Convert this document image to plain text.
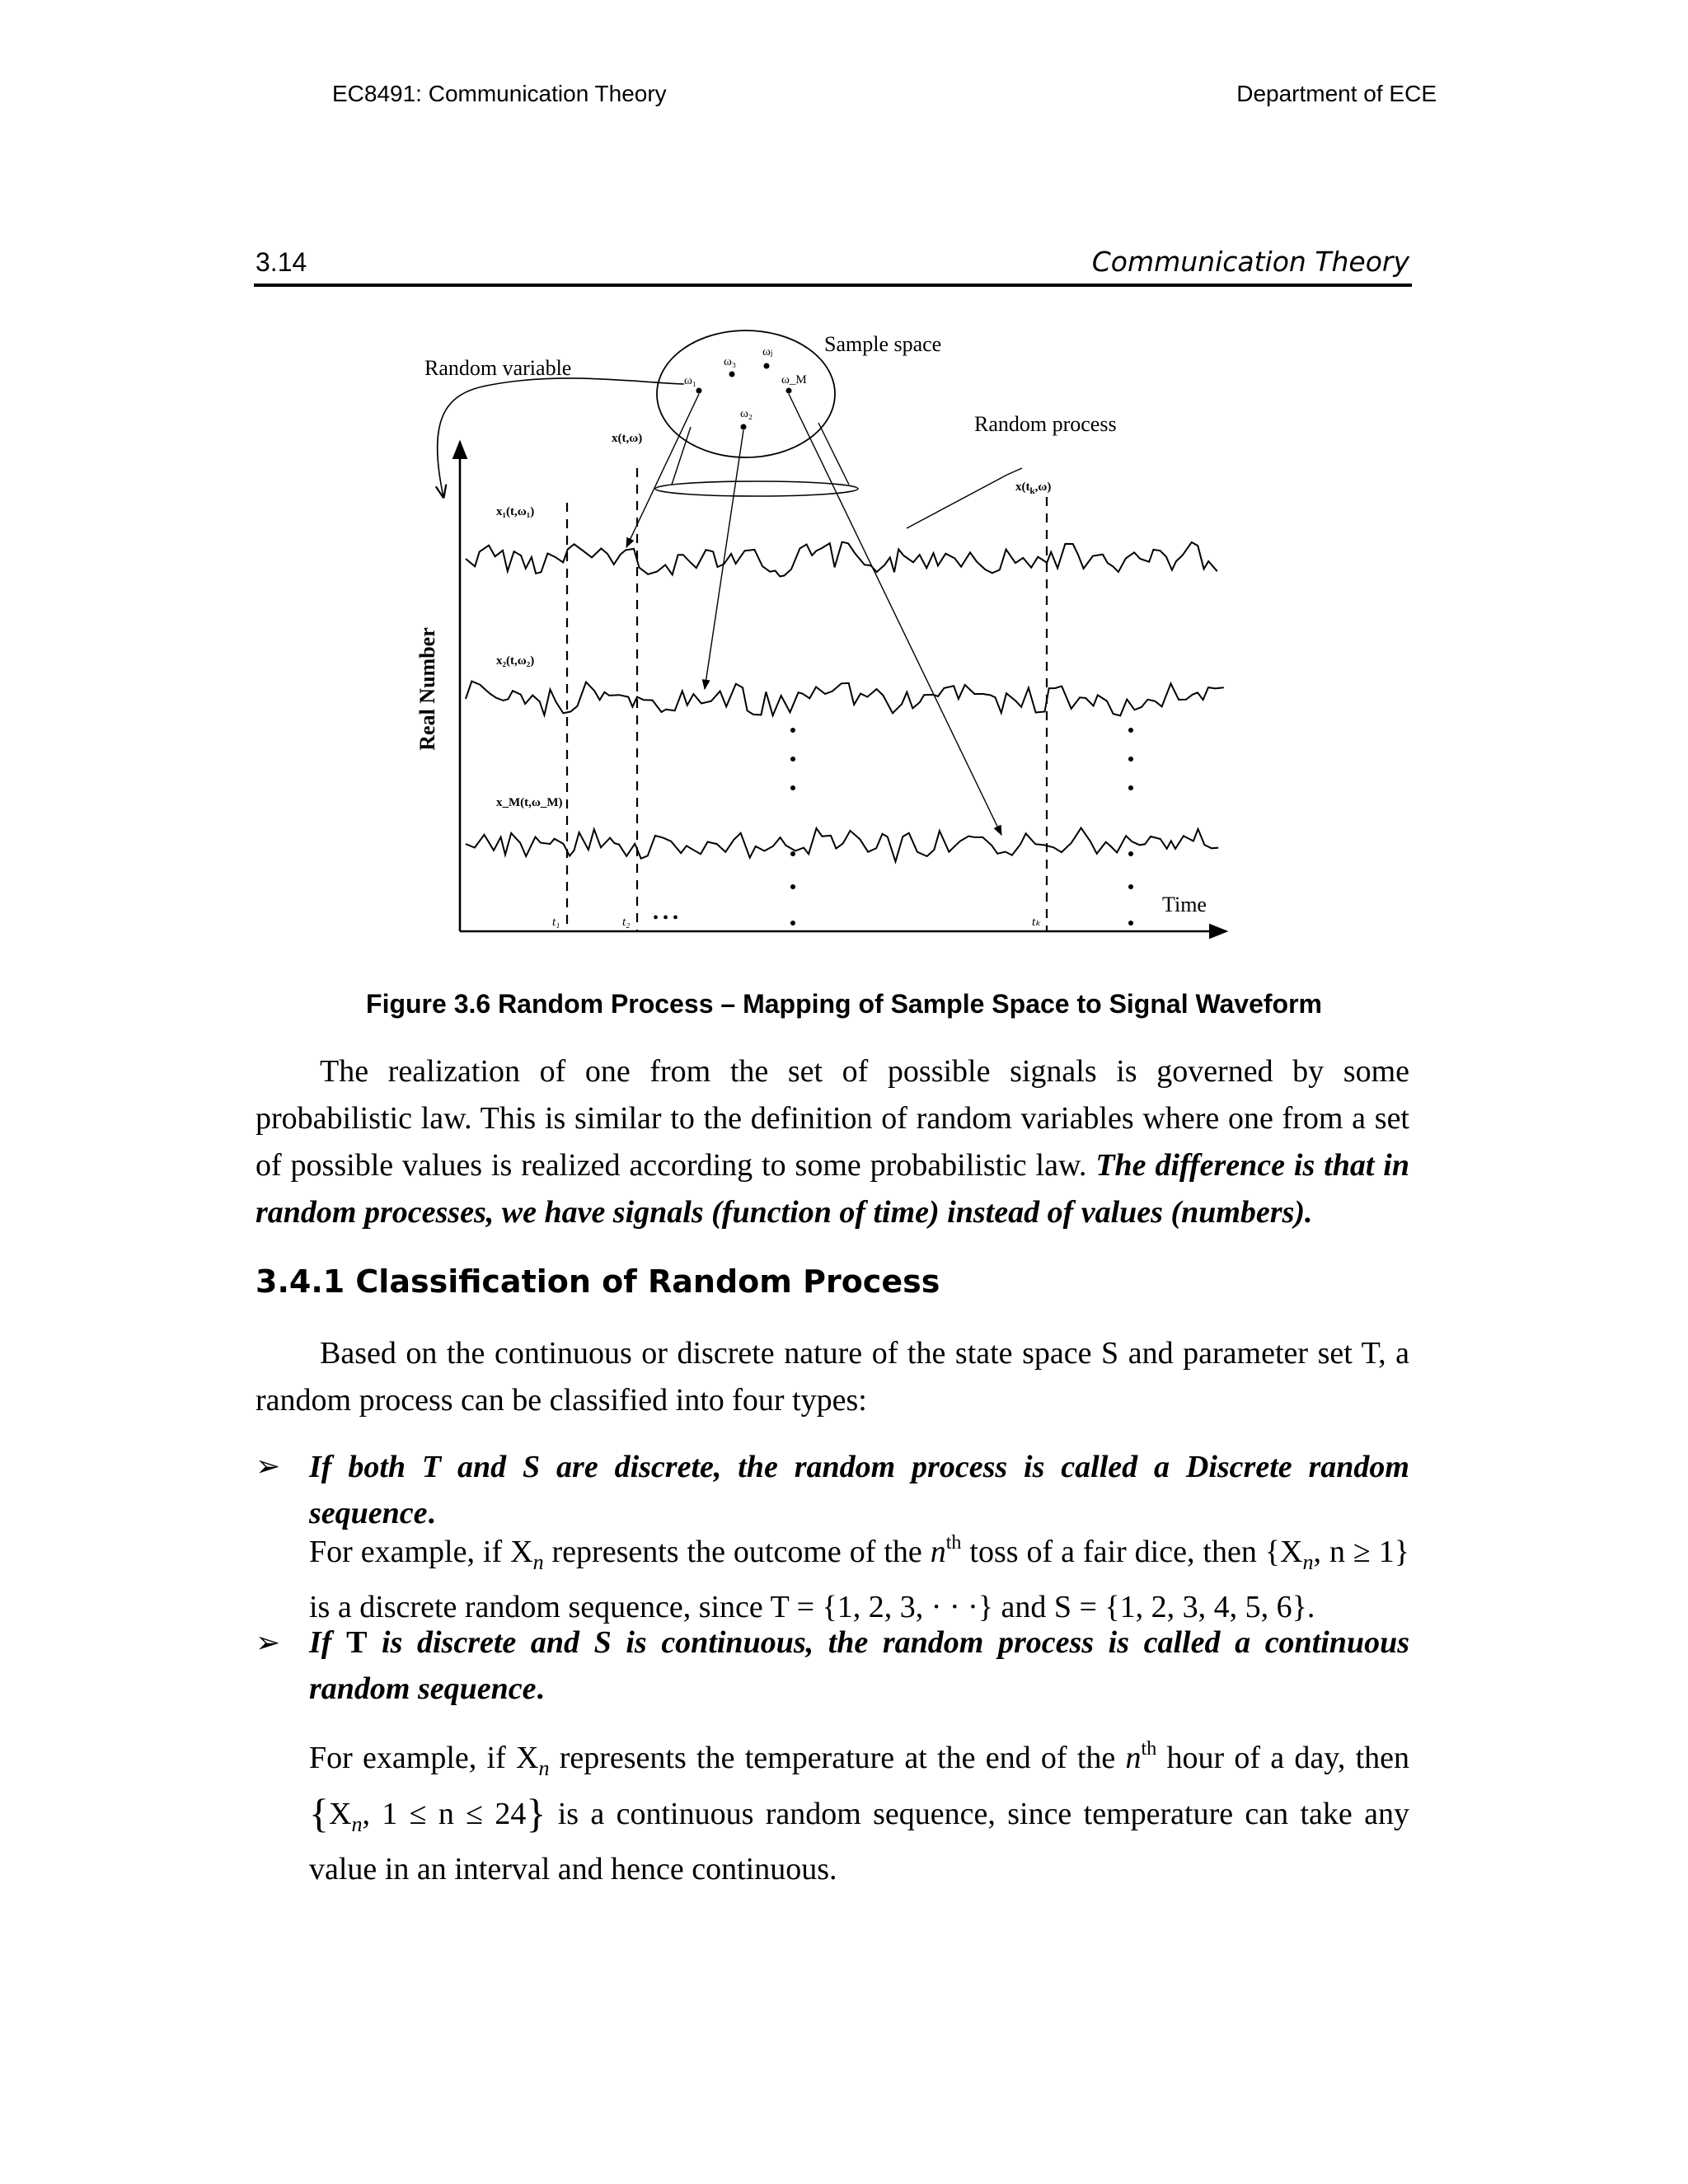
EC8491: Communication Theory	Department of ECE
3.14	Communication Theory
ω₁
ω₃
ωⱼ
ω_M
ω₂
Sample space
Random variable
Random process
x(t,ω)
$x(t_k,\omega)$
Real Number
Time
• • •
x₁(t,ω₁)
x₂(t,ω₂)
x_M(t,ω_M)
t₁	t₂	tₖ
Figure 3.6 Random Process – Mapping of Sample Space to Signal Waveform

The realization of one from the set of possible signals is governed by some probabilistic law. This is similar to the definition of random variables where one from a set of possible values is realized according to some probabilistic law. The difference is that in random processes, we have signals (function of time) instead of values (numbers).

3.4.1 Classification of Random Process

Based on the continuous or discrete nature of the state space S and parameter set T, a random process can be classified into four types:

➢ If both T and S are discrete, the random process is called a Discrete random sequence.

For example, if $X_n$ represents the outcome of the $n^{th}$ toss of a fair dice, then {$X_n$, n ≥ 1} is a discrete random sequence, since T = {1, 2, 3, · · ·} and S = {1, 2, 3, 4, 5, 6}.

➢ If T is discrete and S is continuous, the random process is called a continuous random sequence.

For example, if $X_n$ represents the temperature at the end of the $n^{th}$ hour of a day, then {$X_n$, 1 ≤ n ≤ 24} is a continuous random sequence, since temperature can take any value in an interval and hence continuous.
